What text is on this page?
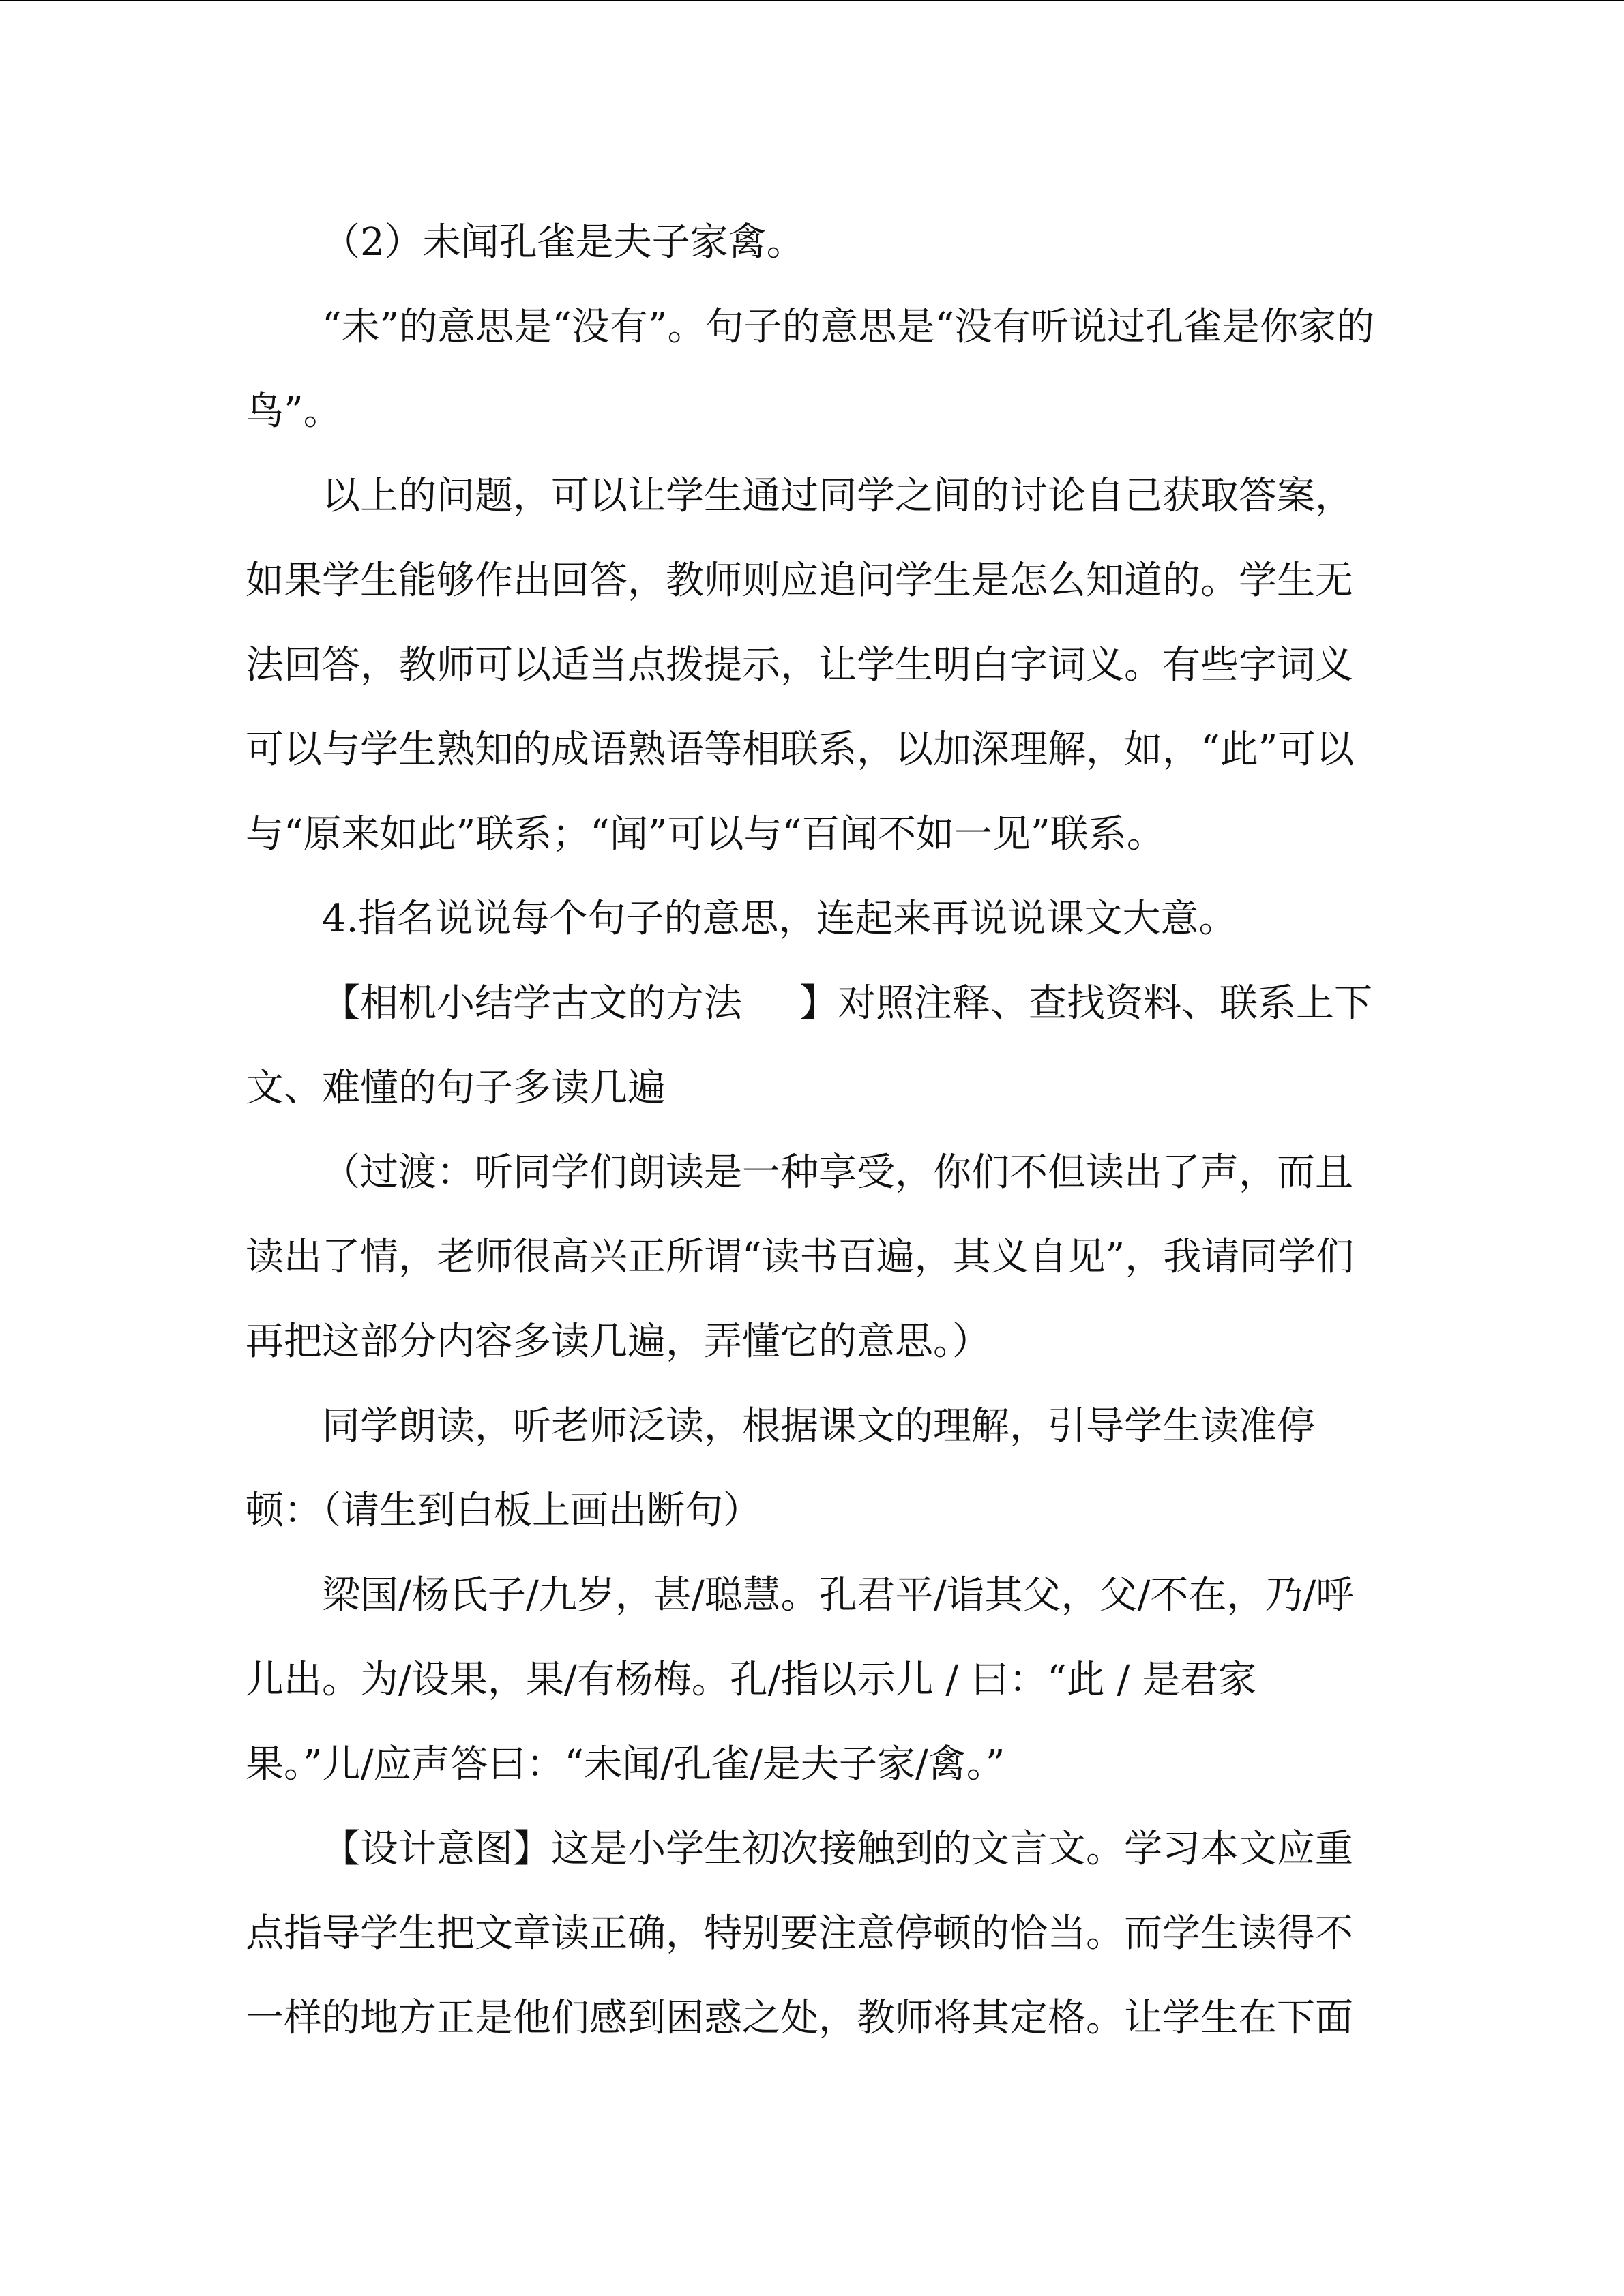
（2）未闻孔雀是夫子家禽。

“未”的意思是“没有”。句子的意思是“没有听说过孔雀是你家的鸟”。

以上的问题，可以让学生通过同学之间的讨论自己获取答案，如果学生能够作出回答，教师则应追问学生是怎么知道的。学生无法回答，教师可以适当点拨提示，让学生明白字词义。有些字词义可以与学生熟知的成语熟语等相联系，以加深理解，如，“此”可以与“原来如此”联系；“闻”可以与“百闻不如一见”联系。

4.指名说说每个句子的意思，连起来再说说课文大意。

【相机小结学古文的方法 】对照注释、查找资料、联系上下文、难懂的句子多读几遍

（过渡：听同学们朗读是一种享受，你们不但读出了声，而且读出了情，老师很高兴正所谓“读书百遍，其义自见”，我请同学们再把这部分内容多读几遍，弄懂它的意思。）

同学朗读，听老师泛读，根据课文的理解，引导学生读准停顿：（请生到白板上画出断句）

梁国/杨氏子/九岁，甚/聪慧。孔君平/诣其父，父/不在，乃/呼儿出。为/设果，果/有杨梅。孔/指以示儿 / 曰：“此 / 是君家果。”儿/应声答曰：“未闻/孔雀/是夫子家/禽。”

【设计意图】这是小学生初次接触到的文言文。学习本文应重点指导学生把文章读正确，特别要注意停顿的恰当。而学生读得不一样的地方正是他们感到困惑之处，教师将其定格。让学生在下面
